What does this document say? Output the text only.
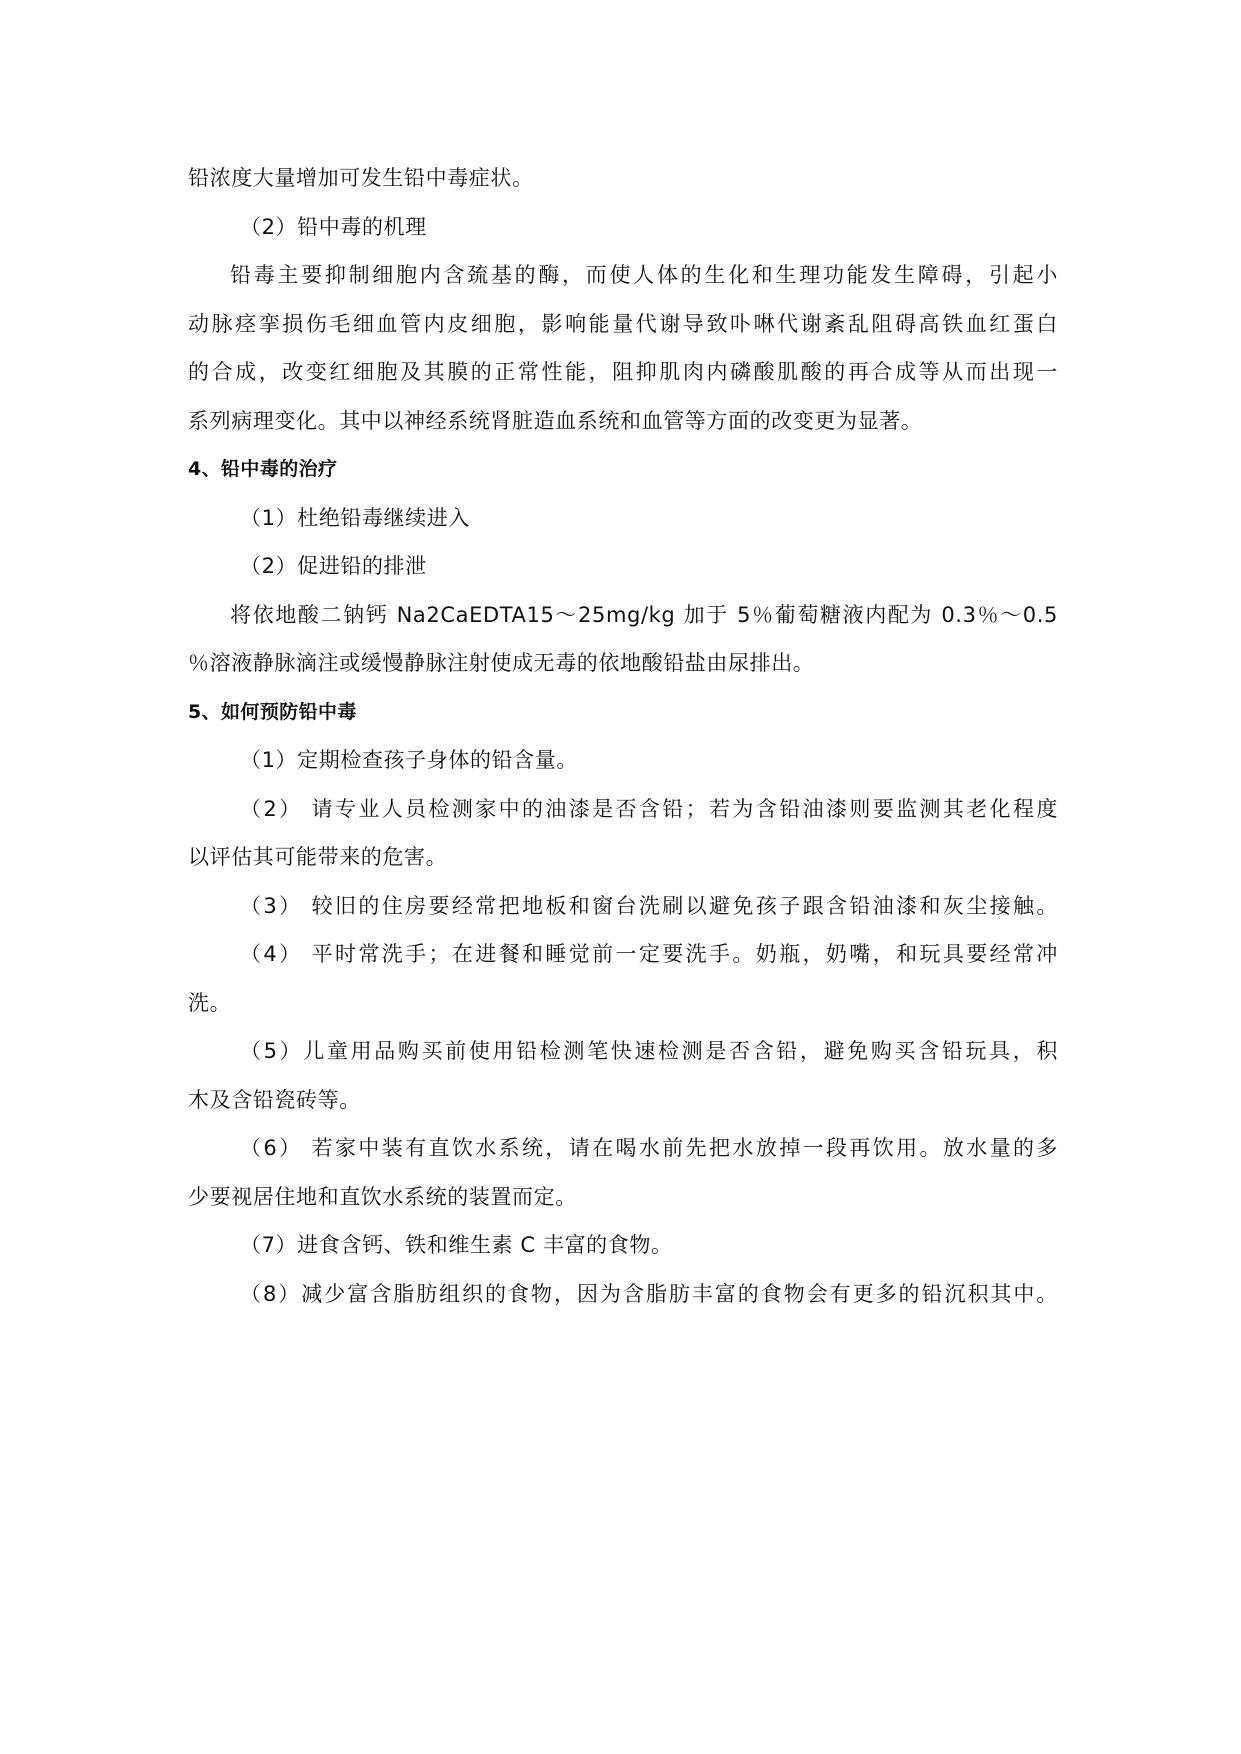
铅浓度大量增加可发生铅中毒症状。
（2）铅中毒的机理
铅毒主要抑制细胞内含巯基的酶，而使人体的生化和生理功能发生障碍，引起小
动脉痉挛损伤毛细血管内皮细胞，影响能量代谢导致卟啉代谢紊乱阻碍高铁血红蛋白
的合成，改变红细胞及其膜的正常性能，阻抑肌肉内磷酸肌酸的再合成等从而出现一
系列病理变化。其中以神经系统肾脏造血系统和血管等方面的改变更为显著。
4、铅中毒的治疗
（1）杜绝铅毒继续进入
（2）促进铅的排泄
将依地酸二钠钙 Na2CaEDTA15～25mg/kg 加于 5％葡萄糖液内配为 0.3％～0.5
％溶液静脉滴注或缓慢静脉注射使成无毒的依地酸铅盐由尿排出。
5、如何预防铅中毒
（1）定期检查孩子身体的铅含量。
（2） 请专业人员检测家中的油漆是否含铅；若为含铅油漆则要监测其老化程度
以评估其可能带来的危害。
（3） 较旧的住房要经常把地板和窗台洗刷以避免孩子跟含铅油漆和灰尘接触。
（4） 平时常洗手；在进餐和睡觉前一定要洗手。奶瓶，奶嘴，和玩具要经常冲
洗。
（5）儿童用品购买前使用铅检测笔快速检测是否含铅，避免购买含铅玩具，积
木及含铅瓷砖等。
（6） 若家中装有直饮水系统，请在喝水前先把水放掉一段再饮用。放水量的多
少要视居住地和直饮水系统的装置而定。
（7）进食含钙、铁和维生素 C 丰富的食物。
（8）减少富含脂肪组织的食物，因为含脂肪丰富的食物会有更多的铅沉积其中。
